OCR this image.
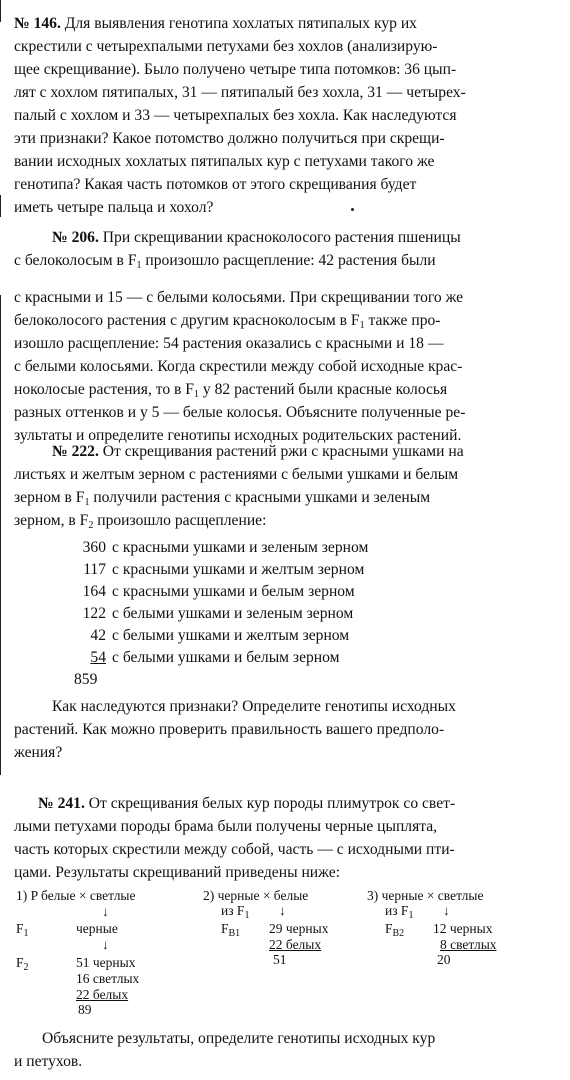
№ 146. Для выявления генотипа хохлатых пятипалых кур их
скрестили с четырехпалыми петухами без хохлов (анализирую-
щее скрещивание). Было получено четыре типа потомков: 36 цып-
лят с хохлом пятипалых, 31 — пятипалый без хохла, 31 — четырех-
палый с хохлом и 33 — четырехпалых без хохла. Как наследуются
эти признаки? Какое потомство должно получиться при скрещи-
вании исходных хохлатых пятипалых кур с петухами такого же
генотипа? Какая часть потомков от этого скрещивания будет
иметь четыре пальца и хохол?
№ 206. При скрещивании красноколосого растения пшеницы
с белоколосым в $F_1$ произошло расщепление: 42 растения были
с красными и 15 — с белыми колосьями. При скрещивании того же
белоколосого растения с другим красноколосым в $F_1$ также про-
изошло расщепление: 54 растения оказались с красными и 18 —
с белыми колосьями. Когда скрестили между собой исходные крас-
ноколосые растения, то в $F_1$ у 82 растений были красные колосья
разных оттенков и у 5 — белые колосья. Объясните полученные ре-
зультаты и определите генотипы исходных родительских растений.
№ 222. От скрещивания растений ржи с красными ушками на
листьях и желтым зерном с растениями с белыми ушками и белым
зерном в $F_1$ получили растения с красными ушками и зеленым
зерном, в $F_2$ произошло расщепление:
360 с красными ушками и зеленым зерном
117 с красными ушками и желтым зерном
164 с красными ушками и белым зерном
122 с белыми ушками и зеленым зерном
42 с белыми ушками и желтым зерном
54 с белыми ушками и белым зерном
859
Как наследуются признаки? Определите генотипы исходных
растений. Как можно проверить правильность вашего предполо-
жения?
№ 241. От скрещивания белых кур породы плимутрок со свет-
лыми петухами породы брама были получены черные цыплята,
часть которых скрестили между собой, часть — с исходными пти-
цами. Результаты скрещиваний приведены ниже:
1) P белые × светлые
↓
$F_1$	черные
↓
$F_2$	51 черных
16 светлых
22 белых
89
2) черные × белые
из $F_1$ ↓
$F_{B1}$ 29 черных
22 белых
51
3) черные × светлые
из $F_1$ ↓
$F_{B2}$ 12 черных
8 светлых
20
Объясните результаты, определите генотипы исходных кур
и петухов.
